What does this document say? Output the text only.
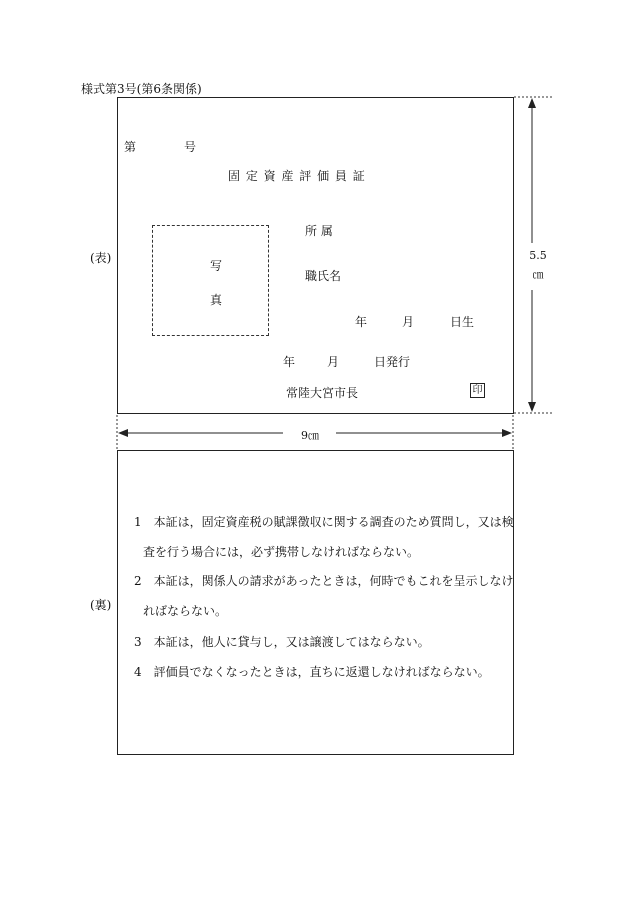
様式第3号(第6条関係)
(表)
第	号
固 定 資 産 評 価 員 証
写
真
所 属
職氏名
年	月	日生
年	月	日発行
常陸大宮市長	印
5.5
㎝
9㎝
(裏)
1　本証は，固定資産税の賦課徴収に関する調査のため質問し，又は検
査を行う場合には，必ず携帯しなければならない。
2　本証は，関係人の請求があったときは，何時でもこれを呈示しなけ
ればならない。
3　本証は，他人に貸与し，又は譲渡してはならない。
4　評価員でなくなったときは，直ちに返還しなければならない。
